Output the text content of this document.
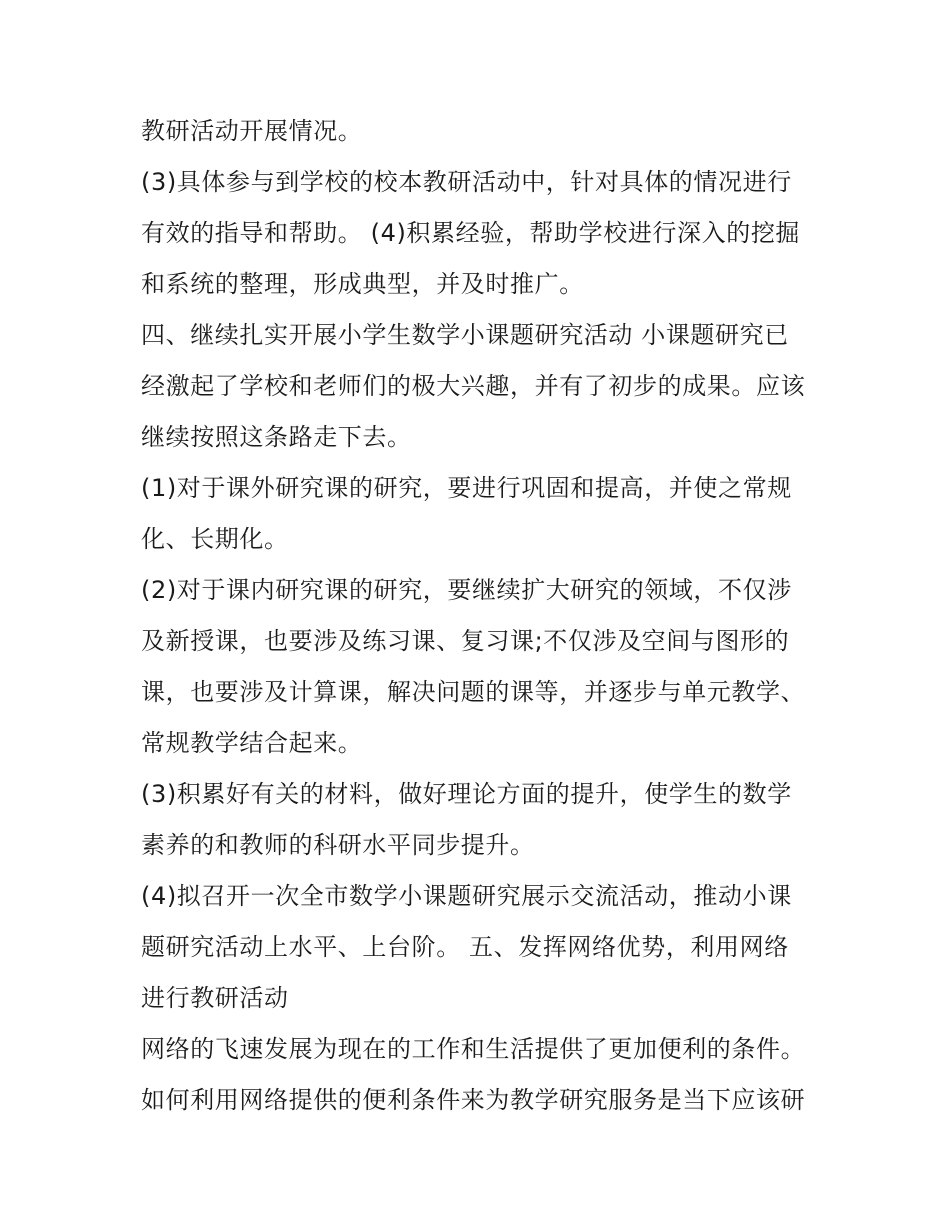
教研活动开展情况。
(3)具体参与到学校的校本教研活动中，针对具体的情况进行
有效的指导和帮助。 (4)积累经验，帮助学校进行深入的挖掘
和系统的整理，形成典型，并及时推广。
四、继续扎实开展小学生数学小课题研究活动 小课题研究已
经激起了学校和老师们的极大兴趣，并有了初步的成果。应该
继续按照这条路走下去。
(1)对于课外研究课的研究，要进行巩固和提高，并使之常规
化、长期化。
(2)对于课内研究课的研究，要继续扩大研究的领域，不仅涉
及新授课，也要涉及练习课、复习课;不仅涉及空间与图形的
课，也要涉及计算课，解决问题的课等，并逐步与单元教学、
常规教学结合起来。
(3)积累好有关的材料，做好理论方面的提升，使学生的数学
素养的和教师的科研水平同步提升。
(4)拟召开一次全市数学小课题研究展示交流活动，推动小课
题研究活动上水平、上台阶。 五、发挥网络优势，利用网络
进行教研活动
网络的飞速发展为现在的工作和生活提供了更加便利的条件。
如何利用网络提供的便利条件来为教学研究服务是当下应该研
